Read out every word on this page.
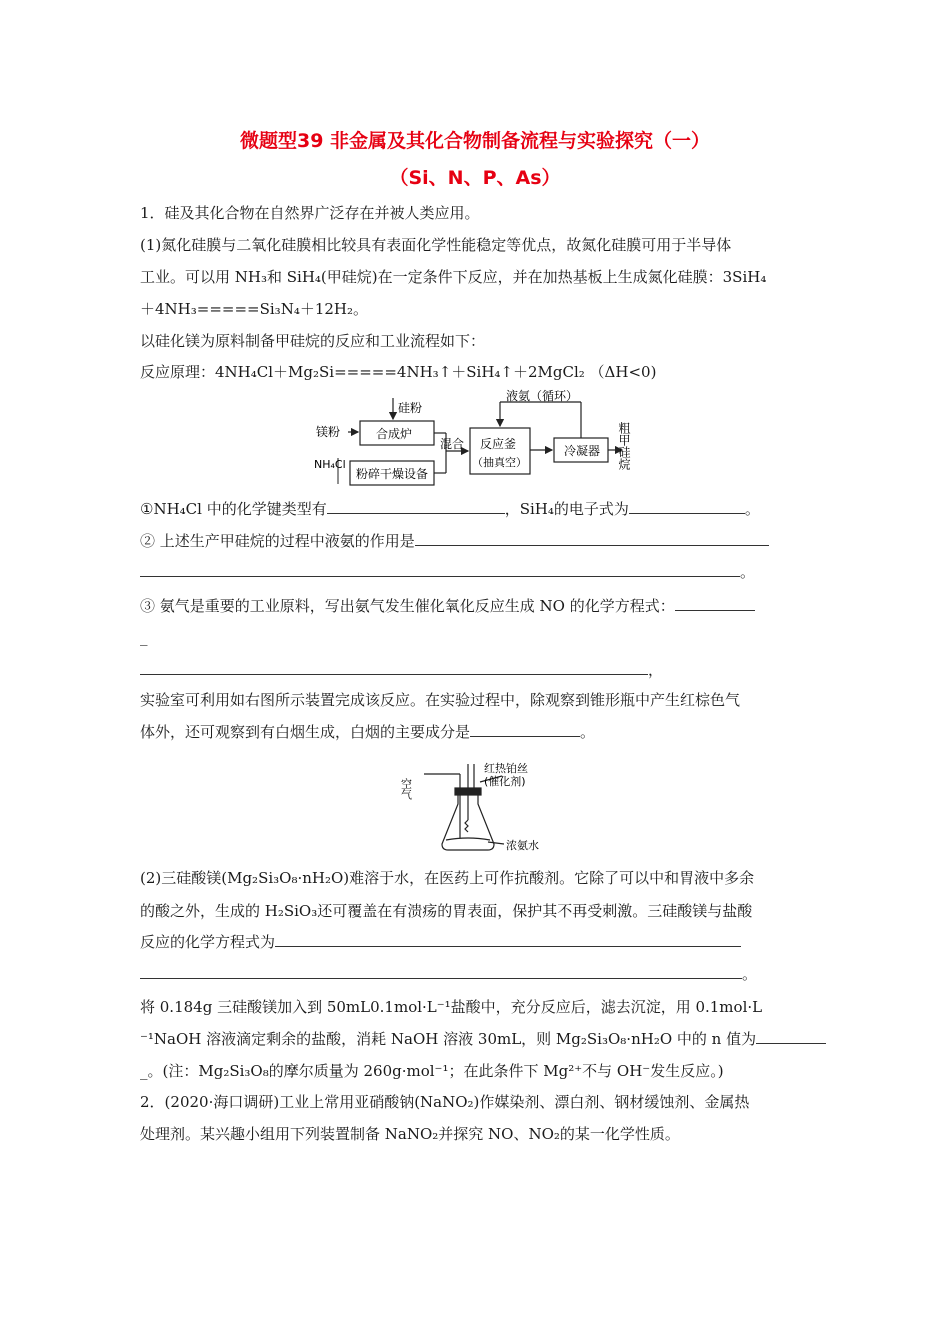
微题型39 非金属及其化合物制备流程与实验探究（一）
（Si、N、P、As）
1．硅及其化合物在自然界广泛存在并被人类应用。
(1)氮化硅膜与二氧化硅膜相比较具有表面化学性能稳定等优点，故氮化硅膜可用于半导体
工业。可以用 NH₃和 SiH₄(甲硅烷)在一定条件下反应，并在加热基板上生成氮化硅膜：3SiH₄
＋4NH₃=====Si₃N₄＋12H₂。
以硅化镁为原料制备甲硅烷的反应和工业流程如下：
反应原理：4NH₄Cl＋Mg₂Si=====4NH₃↑＋SiH₄↑＋2MgCl₂ （ΔH<0)
镁粉
硅粉
合成炉
NH₄Cl
粉碎干燥设备
混合 反应釜
（抽真空）
液氨（循环）
冷凝器 粗甲硅烷
①NH₄Cl 中的化学键类型有	，SiH₄的电子式为	。
② 上述生产甲硅烷的过程中液氨的作用是
。
③ 氨气是重要的工业原料，写出氨气发生催化氧化反应生成 NO 的化学方程式：
_
，
实验室可利用如右图所示装置完成该反应。在实验过程中，除观察到锥形瓶中产生红棕色气
体外，还可观察到有白烟生成，白烟的主要成分是	。
空气
红热铂丝
(催化剂)
浓氨水
(2)三硅酸镁(Mg₂Si₃O₈·nH₂O)难溶于水，在医药上可作抗酸剂。它除了可以中和胃液中多余
的酸之外，生成的 H₂SiO₃还可覆盖在有溃疡的胃表面，保护其不再受刺激。三硅酸镁与盐酸
反应的化学方程式为
。
将 0.184g 三硅酸镁加入到 50mL0.1mol·L⁻¹盐酸中，充分反应后，滤去沉淀，用 0.1mol·L
⁻¹NaOH 溶液滴定剩余的盐酸，消耗 NaOH 溶液 30mL，则 Mg₂Si₃O₈·nH₂O 中的 n 值为
_。(注：Mg₂Si₃O₈的摩尔质量为 260g·mol⁻¹；在此条件下 Mg²⁺不与 OH⁻发生反应。)
2．(2020·海口调研)工业上常用亚硝酸钠(NaNO₂)作媒染剂、漂白剂、钢材缓蚀剂、金属热
处理剂。某兴趣小组用下列装置制备 NaNO₂并探究 NO、NO₂的某一化学性质。
